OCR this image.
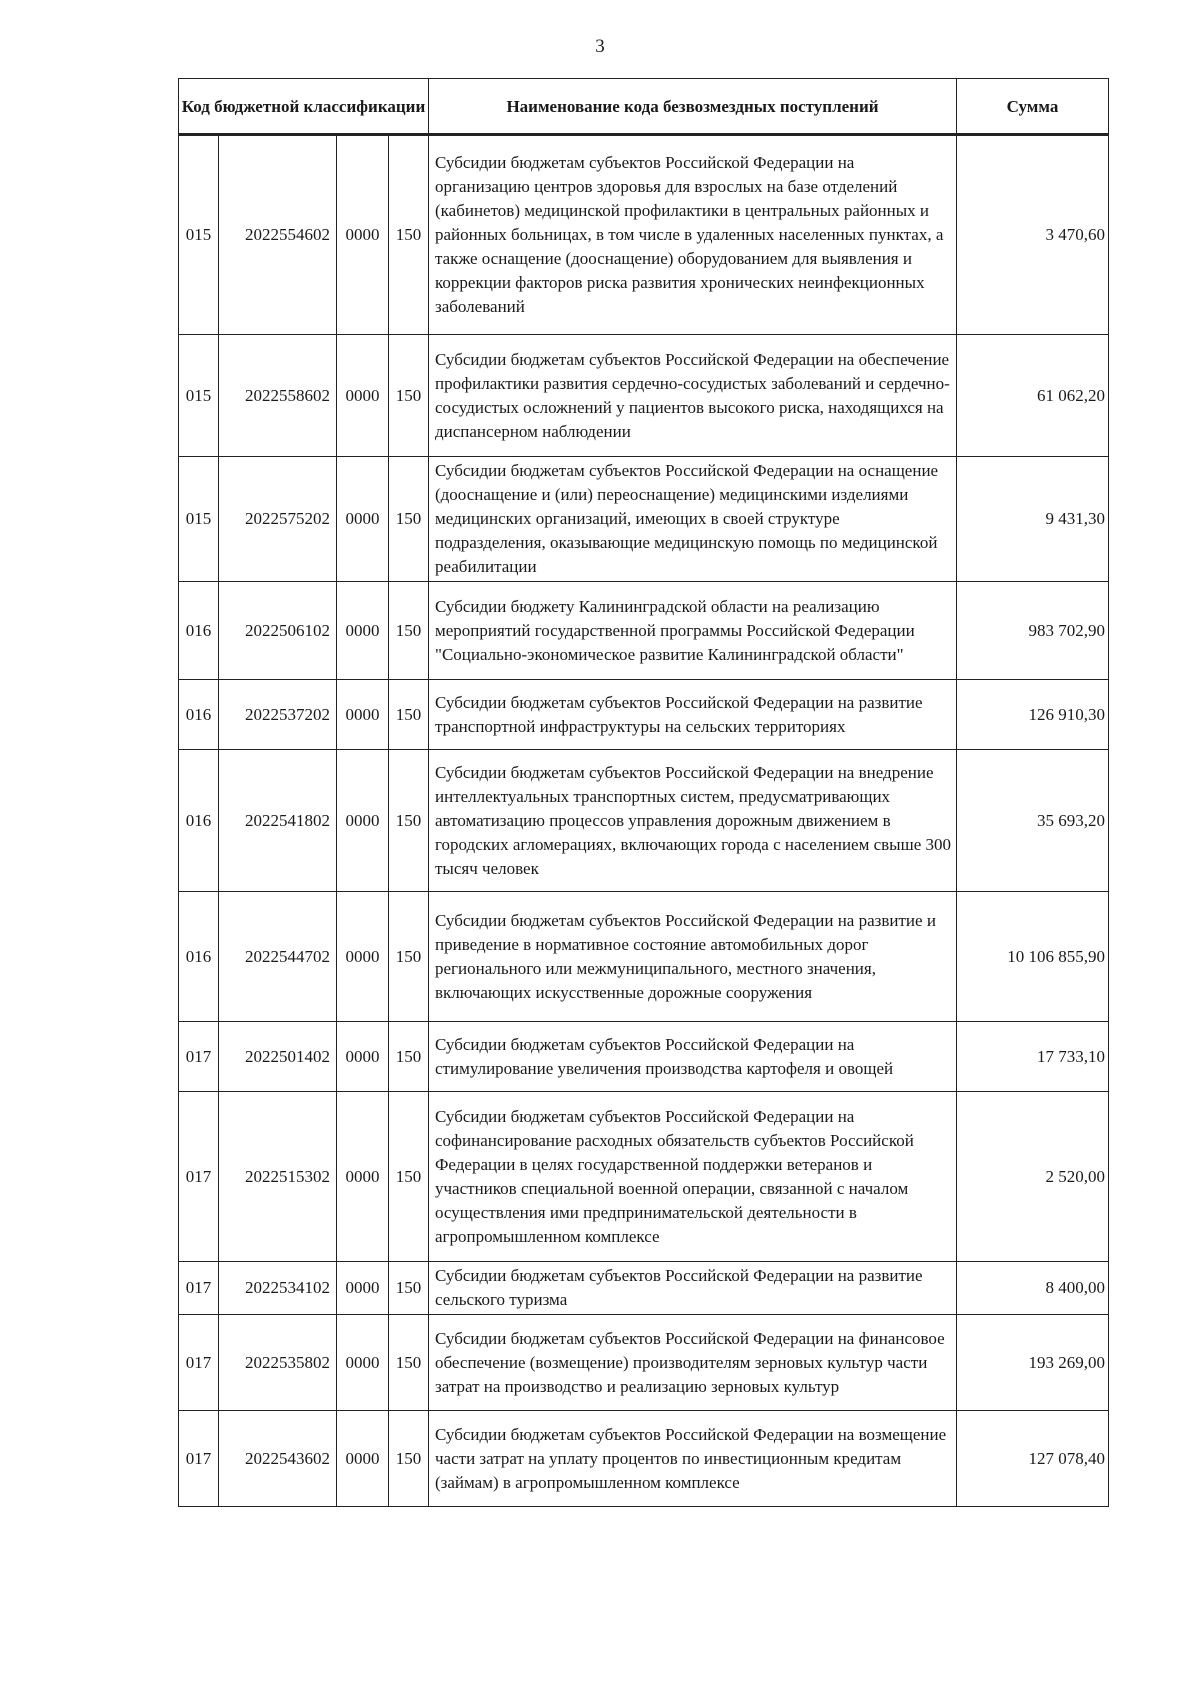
3
Код бюджетной классификации				Наименование кода безвозмездных поступлений	Сумма
015	2022554602	0000	150	Субсидии бюджетам субъектов Российской Федерации на организацию центров здоровья для взрослых на базе отделений (кабинетов) медицинской профилактики в центральных районных и районных больницах, в том числе в удаленных населенных пунктах, а также оснащение (дооснащение) оборудованием для выявления и коррекции факторов риска развития хронических неинфекционных заболеваний	3 470,60
015	2022558602	0000	150	Субсидии бюджетам субъектов Российской Федерации на обеспечение профилактики развития сердечно-сосудистых заболеваний и сердечно-сосудистых осложнений у пациентов высокого риска, находящихся на диспансерном наблюдении	61 062,20
015	2022575202	0000	150	Субсидии бюджетам субъектов Российской Федерации на оснащение (дооснащение и (или) переоснащение) медицинскими изделиями медицинских организаций, имеющих в своей структуре подразделения, оказывающие медицинскую помощь по медицинской реабилитации	9 431,30
016	2022506102	0000	150	Субсидии бюджету Калининградской области на реализацию мероприятий государственной программы Российской Федерации "Социально-экономическое развитие Калининградской области"	983 702,90
016	2022537202	0000	150	Субсидии бюджетам субъектов Российской Федерации на развитие транспортной инфраструктуры на сельских территориях	126 910,30
016	2022541802	0000	150	Субсидии бюджетам субъектов Российской Федерации на внедрение интеллектуальных транспортных систем, предусматривающих автоматизацию процессов управления дорожным движением в городских агломерациях, включающих города с населением свыше 300 тысяч человек	35 693,20
016	2022544702	0000	150	Субсидии бюджетам субъектов Российской Федерации на развитие и приведение в нормативное состояние автомобильных дорог регионального или межмуниципального, местного значения, включающих искусственные дорожные сооружения	10 106 855,90
017	2022501402	0000	150	Субсидии бюджетам субъектов Российской Федерации на стимулирование увеличения производства картофеля и овощей	17 733,10
017	2022515302	0000	150	Субсидии бюджетам субъектов Российской Федерации на софинансирование расходных обязательств субъектов Российской Федерации в целях государственной поддержки ветеранов и участников специальной военной операции, связанной с началом осуществления ими предпринимательской деятельности в агропромышленном комплексе	2 520,00
017	2022534102	0000	150	Субсидии бюджетам субъектов Российской Федерации на развитие сельского туризма	8 400,00
017	2022535802	0000	150	Субсидии бюджетам субъектов Российской Федерации на финансовое обеспечение (возмещение) производителям зерновых культур части затрат на производство и реализацию зерновых культур	193 269,00
017	2022543602	0000	150	Субсидии бюджетам субъектов Российской Федерации на возмещение части затрат на уплату процентов по инвестиционным кредитам (займам) в агропромышленном комплексе	127 078,40
